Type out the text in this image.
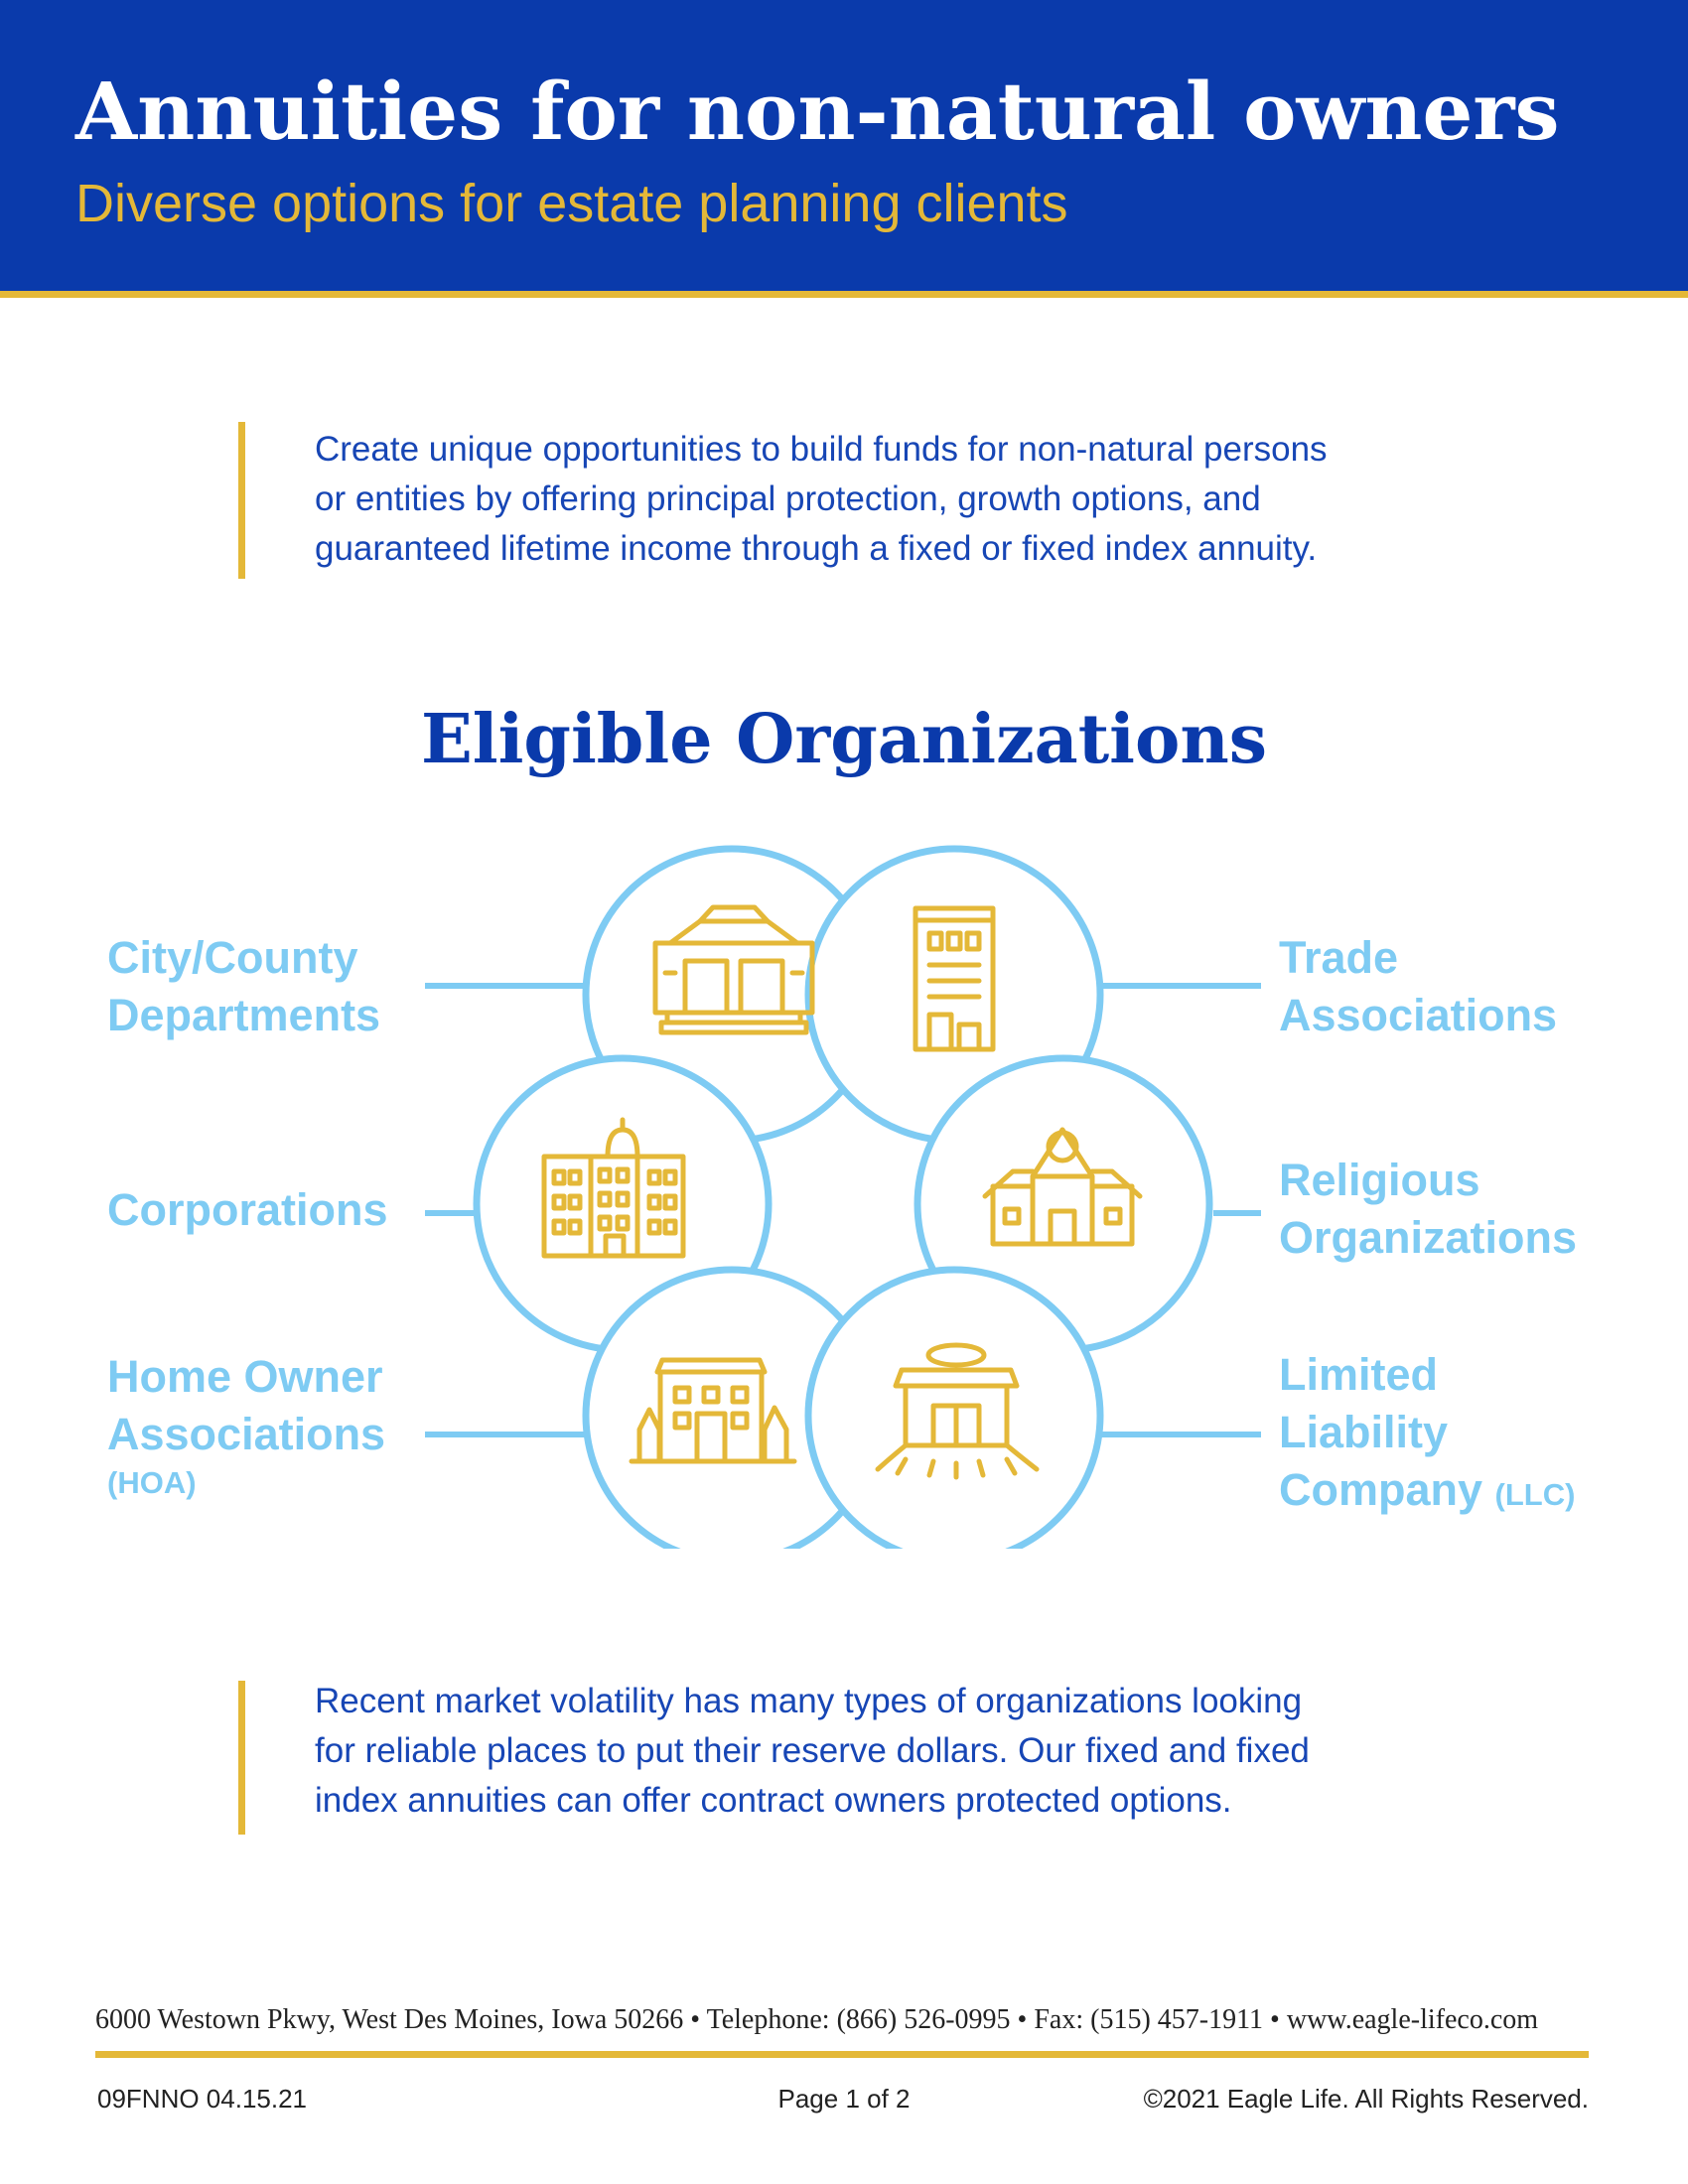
Annuities for non-natural owners

Diverse options for estate planning clients

Create unique opportunities to build funds for non-natural persons
or entities by offering principal protection, growth options, and
guaranteed lifetime income through a fixed or fixed index annuity.

Eligible Organizations

City/County
Departments

Corporations

Home Owner
Associations
(HOA)

Trade
Associations

Religious
Organizations

Limited
Liability
Company (LLC)

Recent market volatility has many types of organizations looking
for reliable places to put their reserve dollars. Our fixed and fixed
index annuities can offer contract owners protected options.

6000 Westown Pkwy, West Des Moines, Iowa 50266 • Telephone: (866) 526-0995 • Fax: (515) 457-1911 • www.eagle-lifeco.com

09FNNO 04.15.21	Page 1 of 2	©2021 Eagle Life. All Rights Reserved.
